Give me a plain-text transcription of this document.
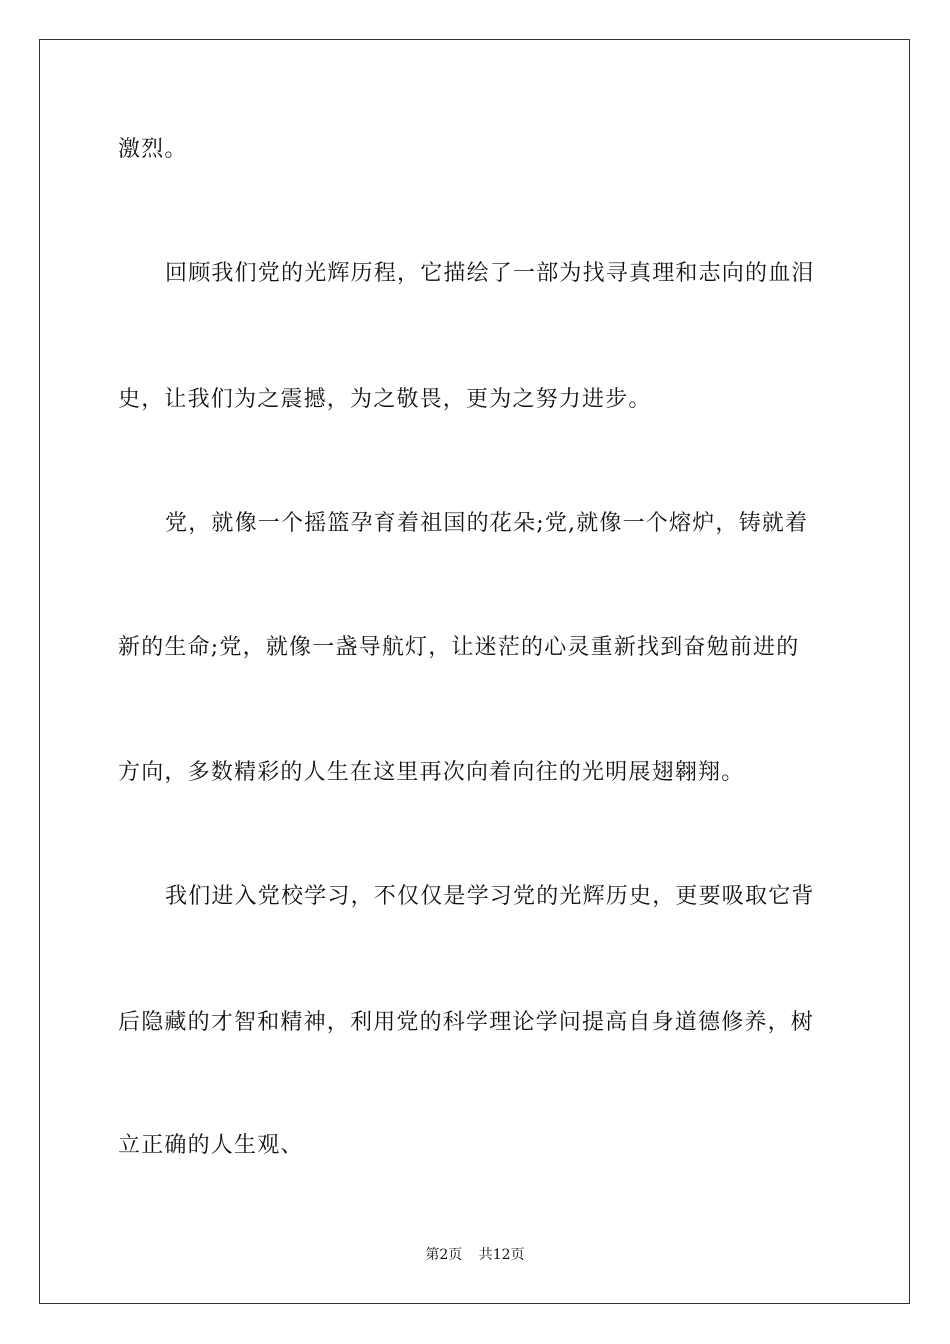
激烈。
回顾我们党的光辉历程，它描绘了一部为找寻真理和志向的血泪
史，让我们为之震撼，为之敬畏，更为之努力进步。
党，就像一个摇篮孕育着祖国的花朵;党,就像一个熔炉，铸就着
新的生命;党，就像一盏导航灯，让迷茫的心灵重新找到奋勉前进的
方向，多数精彩的人生在这里再次向着向往的光明展翅翱翔。
我们进入党校学习，不仅仅是学习党的光辉历史，更要吸取它背
后隐藏的才智和精神，利用党的科学理论学问提高自身道德修养，树
立正确的人生观、
第2页 共12页
